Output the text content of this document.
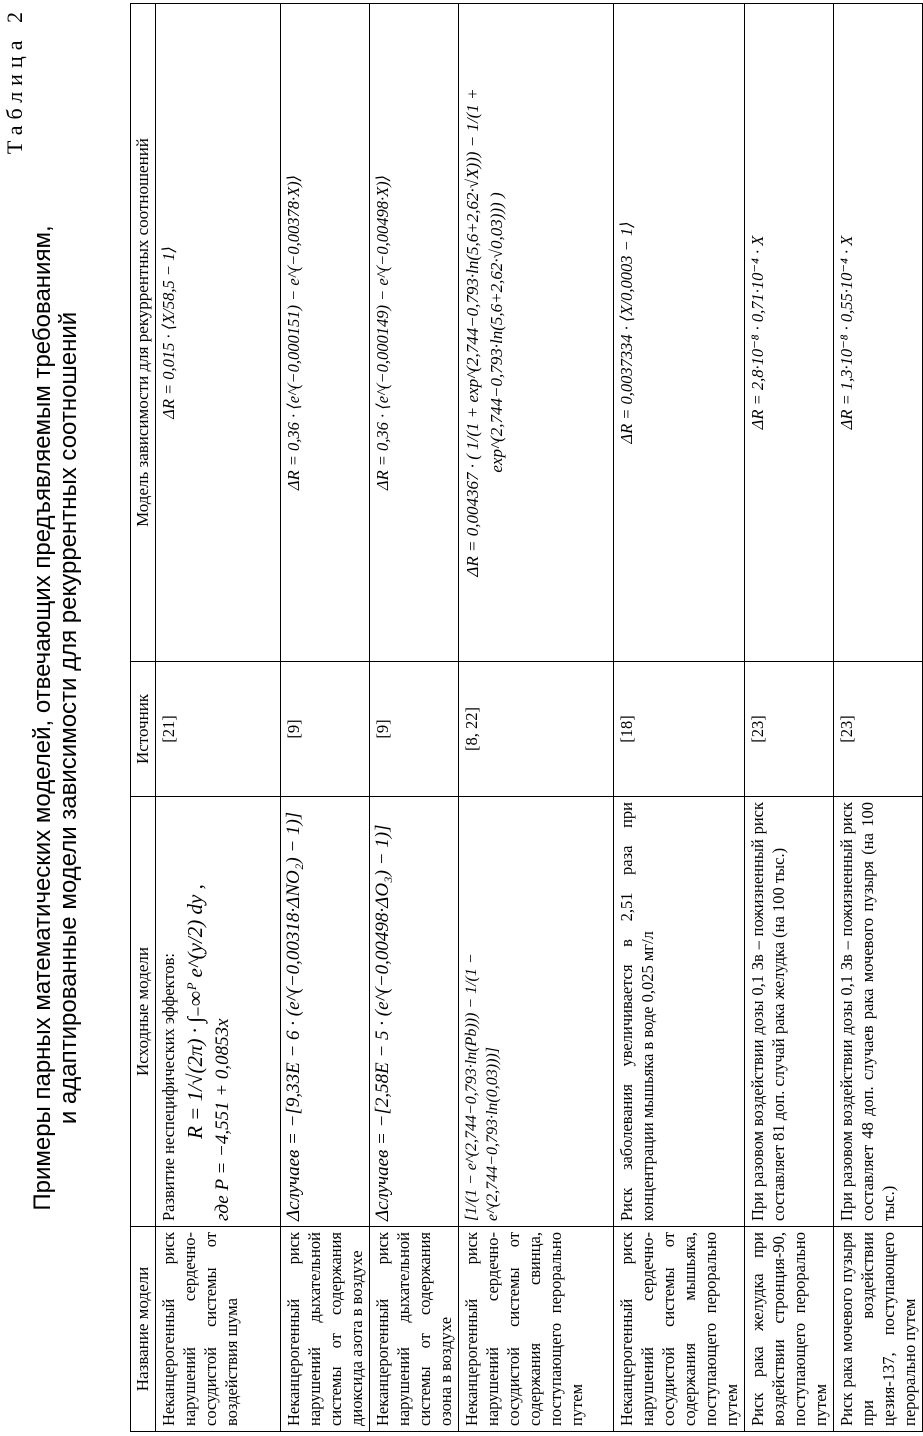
Таблица 2
Примеры парных математических моделей, отвечающих предъявляемым требованиям, и адаптированные модели зависимости для рекуррентных соотношений
Название модели	Исходные модели	Источник	Модель зависимости для рекуррентных соотношений
Неканцерогенный риск нарушений сердечно-сосудистой системы от воздействия шума	Развитие неспецифических эффектов: R = 1/√(2π) · ∫₋∞ᴾ e^(y/2) dy , где P = −4,551 + 0,0853x	[21]	ΔR = 0,015 · ⟨X/58,5 − 1⟩
Неканцерогенный риск нарушений дыхательной системы от содержания диоксида азота в воздухе	Δслучаев = −[9,33E − 6 · (e^(−0,00318·ΔNO₂) − 1)]	[9]	ΔR = 0,36 · ⟨e^(−0,000151) − e^(−0,00378·X)⟩
Неканцерогенный риск нарушений дыхательной системы от содержания озона в воздухе	Δслучаев = −[2,58E − 5 · (e^(−0,00498·ΔO₃) − 1)]	[9]	ΔR = 0,36 · ⟨e^(−0,000149) − e^(−0,00498·X)⟩
Неканцерогенный риск нарушений сердечно-сосудистой системы от содержания свинца, поступающего перорально путем	[1/(1 − e^(2,744−0,793·ln(Pb))) − 1/(1 − e^(2,744−0,793·ln(0,03)))]	[8, 22]	ΔR = 0,004367 · ( 1/(1 + exp^(2,744−0,793·ln(5,6+2,62·√X))) − 1/(1 + exp^(2,744−0,793·ln(5,6+2,62·√0,03))) )
Неканцерогенный риск нарушений сердечно-сосудистой системы от содержания мышьяка, поступающего перорально путем	Риск заболевания увеличивается в 2,51 раза при концентрации мышьяка в воде 0,025 мг/л	[18]	ΔR = 0,0037334 · ⟨X/0,0003 − 1⟩
Риск рака желудка при воздействии стронция-90, поступающего перорально путем	При разовом воздействии дозы 0,1 Зв – пожизненный риск составляет 81 доп. случай рака желудка (на 100 тыс.)	[23]	ΔR = 2,8·10⁻⁸ · 0,71·10⁻⁴ · X
Риск рака мочевого пузыря при воздействии цезия-137, поступающего перорально путем	При разовом воздействии дозы 0,1 Зв – пожизненный риск составляет 48 доп. случаев рака мочевого пузыря (на 100 тыс.)	[23]	ΔR = 1,3·10⁻⁸ · 0,55·10⁻⁴ · X
